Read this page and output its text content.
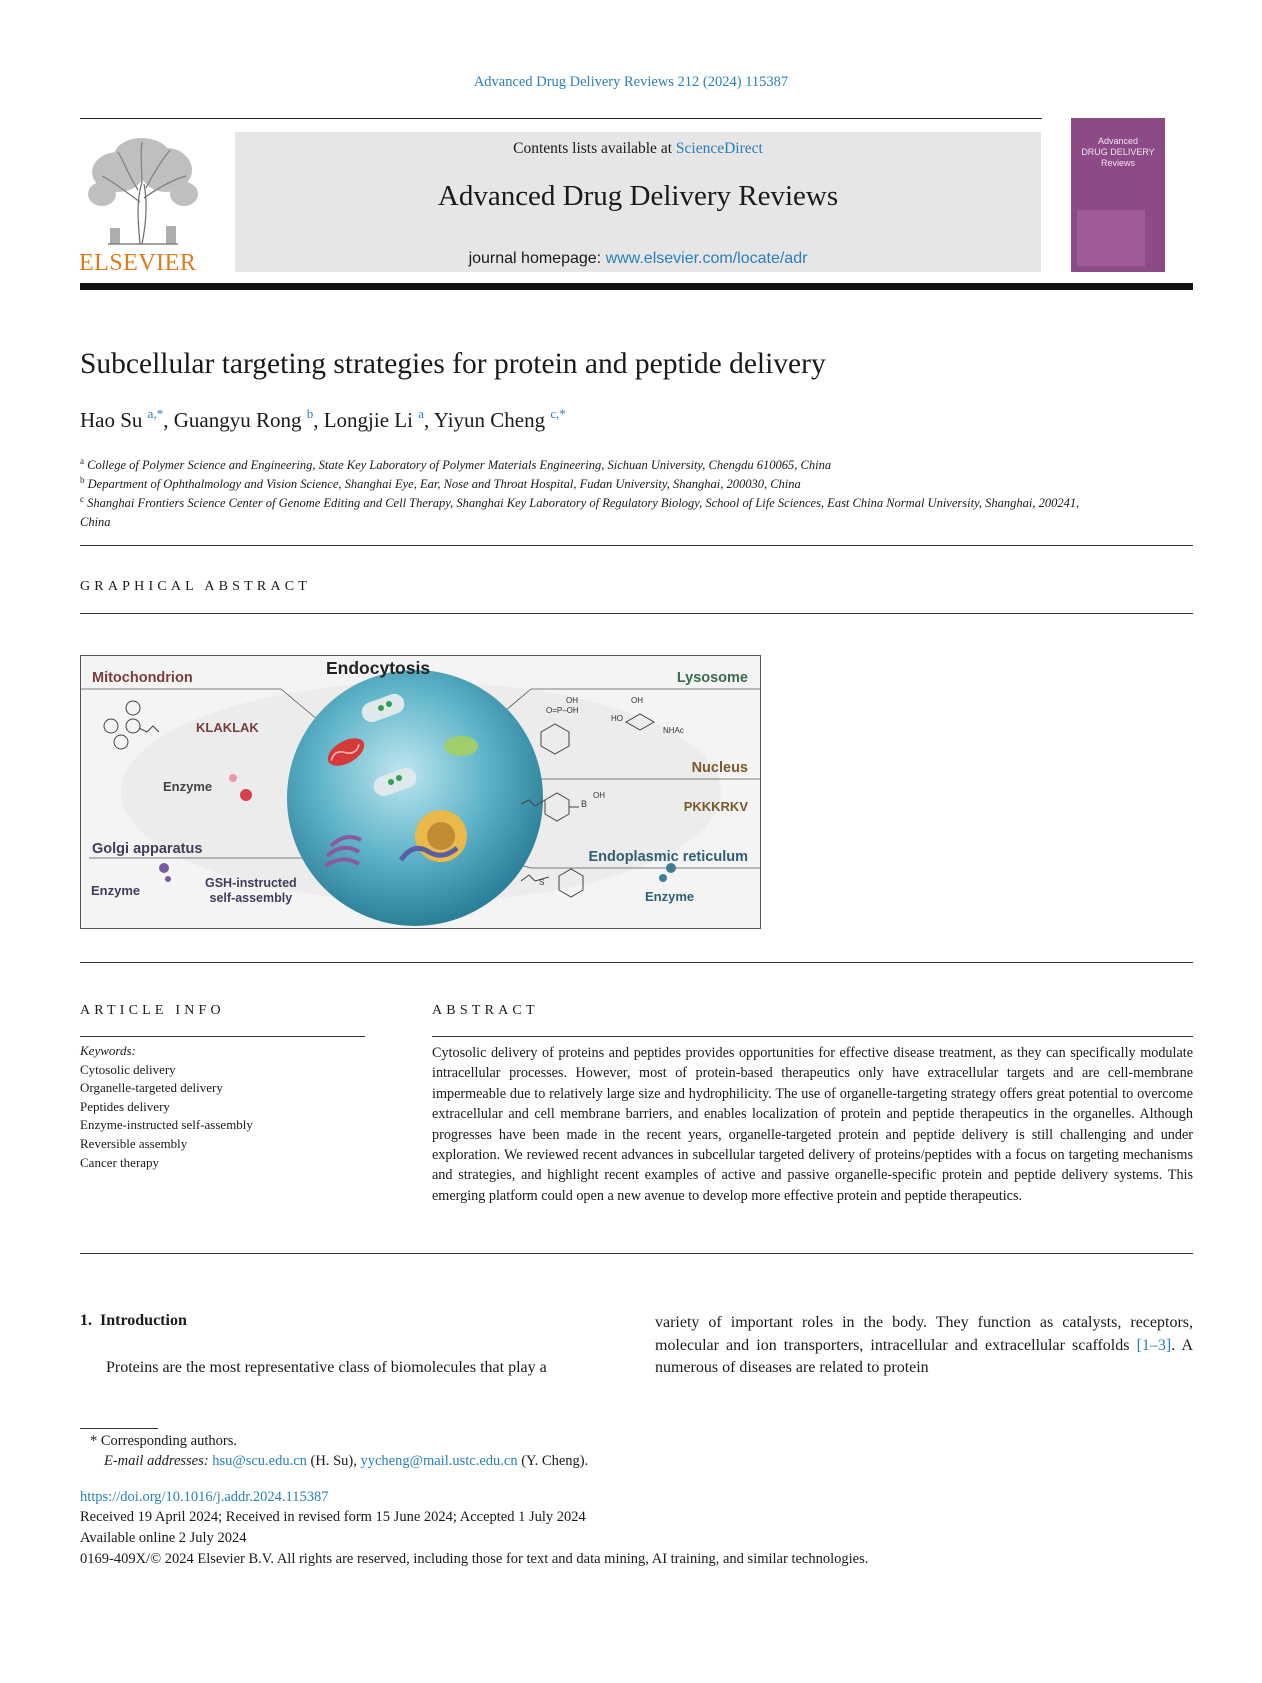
Advanced Drug Delivery Reviews 212 (2024) 115387
ELSEVIER
Contents lists available at ScienceDirect
Advanced Drug Delivery Reviews
journal homepage: www.elsevier.com/locate/adr
Advanced
DRUG DELIVERY
Reviews
Subcellular targeting strategies for protein and peptide delivery
Hao Su $^{a,*}$, Guangyu Rong $^b$, Longjie Li $^a$, Yiyun Cheng $^{c,*}$
$^a$ College of Polymer Science and Engineering, State Key Laboratory of Polymer Materials Engineering, Sichuan University, Chengdu 610065, China
$^b$ Department of Ophthalmology and Vision Science, Shanghai Eye, Ear, Nose and Throat Hospital, Fudan University, Shanghai, 200030, China
$^c$ Shanghai Frontiers Science Center of Genome Editing and Cell Therapy, Shanghai Key Laboratory of Regulatory Biology, School of Life Sciences, East China Normal University, Shanghai, 200241, China
GRAPHICAL ABSTRACT
Endocytosis
Mitochondrion
KLAKLAK
Enzyme
Golgi apparatus
Enzyme	GSH-instructed
self-assembly
Lysosome
Nucleus
PKKKRKV
Endoplasmic reticulum
Enzyme
OH
O=P–OH
OH
HO
NHAc
B
OH
S
ARTICLE INFO	ABSTRACT
Keywords:
Cytosolic delivery
Organelle-targeted delivery
Peptides delivery
Enzyme-instructed self-assembly
Reversible assembly
Cancer therapy
Cytosolic delivery of proteins and peptides provides opportunities for effective disease treatment, as they can specifically modulate intracellular processes. However, most of protein-based therapeutics only have extracellular targets and are cell-membrane impermeable due to relatively large size and hydrophilicity. The use of organelle-targeting strategy offers great potential to overcome extracellular and cell membrane barriers, and enables localization of protein and peptide therapeutics in the organelles. Although progresses have been made in the recent years, organelle-targeted protein and peptide delivery is still challenging and under exploration. We reviewed recent advances in subcellular targeted delivery of proteins/peptides with a focus on targeting mechanisms and strategies, and highlight recent examples of active and passive organelle-specific protein and peptide delivery systems. This emerging platform could open a new avenue to develop more effective protein and peptide therapeutics.
1.  Introduction
Proteins are the most representative class of biomolecules that play a
variety of important roles in the body. They function as catalysts, receptors, molecular and ion transporters, intracellular and extracellular scaffolds [1–3]. A numerous of diseases are related to protein
* Corresponding authors.
E-mail addresses: hsu@scu.edu.cn (H. Su), yycheng@mail.ustc.edu.cn (Y. Cheng).
https://doi.org/10.1016/j.addr.2024.115387
Received 19 April 2024; Received in revised form 15 June 2024; Accepted 1 July 2024
Available online 2 July 2024
0169-409X/© 2024 Elsevier B.V. All rights are reserved, including those for text and data mining, AI training, and similar technologies.
